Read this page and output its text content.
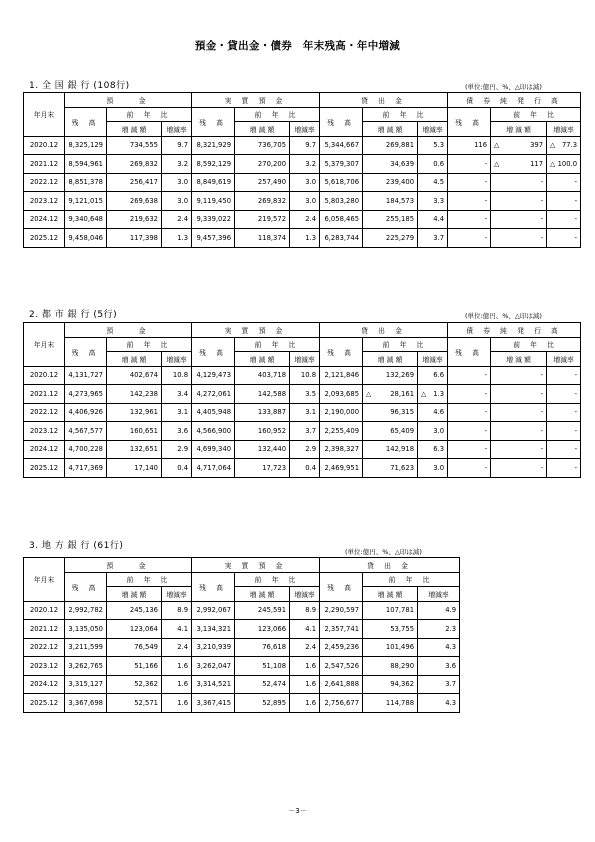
預金・貸出金・債券　年末残高・年中増減
1. 全 国 銀 行 (108行)	(単位:億円、%、△印は減)
年月末	預　　金			実 質 預 金			貸 出 金			債 券 純 発 行 高		
	残 高	前 年 比		残 高	前 年 比		残 高	前 年 比		残 高	前 年 比	
		増 減 額	増減率		増 減 額	増減率		増 減 額	増減率		増 減 額	増減率
2020.12	8,325,129	734,555	9.7	8,321,929	736,705	9.7	5,344,667	269,881	5.3	116	△ 397	△ 77.3
2021.12	8,594,961	269,832	3.2	8,592,129	270,200	3.2	5,379,307	34,639	0.6	-	△ 117	△ 100.0
2022.12	8,851,378	256,417	3.0	8,849,619	257,490	3.0	5,618,706	239,400	4.5	-	-	-
2023.12	9,121,015	269,638	3.0	9,119,450	269,832	3.0	5,803,280	184,573	3.3	-	-	-
2024.12	9,340,648	219,632	2.4	9,339,022	219,572	2.4	6,058,465	255,185	4.4	-	-	-
2025.12	9,458,046	117,398	1.3	9,457,396	118,374	1.3	6,283,744	225,279	3.7	-	-	-
2. 都 市 銀 行 (5行)	(単位:億円、%、△印は減)
年月末	預　　金			実 質 預 金			貸 出 金			債 券 純 発 行 高		
	残 高	前 年 比		残 高	前 年 比		残 高	前 年 比		残 高	前 年 比	
		増 減 額	増減率		増 減 額	増減率		増 減 額	増減率		増 減 額	増減率
2020.12	4,131,727	402,674	10.8	4,129,473	403,718	10.8	2,121,846	132,269	6.6	-	-	-
2021.12	4,273,965	142,238	3.4	4,272,061	142,588	3.5	2,093,685	△ 28,161	△ 1.3	-	-	-
2022.12	4,406,926	132,961	3.1	4,405,948	133,887	3.1	2,190,000	96,315	4.6	-	-	-
2023.12	4,567,577	160,651	3.6	4,566,900	160,952	3.7	2,255,409	65,409	3.0	-	-	-
2024.12	4,700,228	132,651	2.9	4,699,340	132,440	2.9	2,398,327	142,918	6.3	-	-	-
2025.12	4,717,369	17,140	0.4	4,717,064	17,723	0.4	2,469,951	71,623	3.0	-	-	-
3. 地 方 銀 行 (61行)
(単位:億円、%、△印は減)
年月末	預　　金			実 質 預 金			貸 出 金		
	残 高	前 年 比		残 高	前 年 比		残 高	前 年 比	
		増 減 額	増減率		増 減 額	増減率		増 減 額	増減率
2020.12	2,992,782	245,136	8.9	2,992,067	245,591	8.9	2,290,597	107,781	4.9
2021.12	3,135,050	123,064	4.1	3,134,321	123,066	4.1	2,357,741	53,755	2.3
2022.12	3,211,599	76,549	2.4	3,210,939	76,618	2.4	2,459,236	101,496	4.3
2023.12	3,262,765	51,166	1.6	3,262,047	51,108	1.6	2,547,526	88,290	3.6
2024.12	3,315,127	52,362	1.6	3,314,521	52,474	1.6	2,641,888	94,362	3.7
2025.12	3,367,698	52,571	1.6	3,367,415	52,895	1.6	2,756,677	114,788	4.3
－3－
